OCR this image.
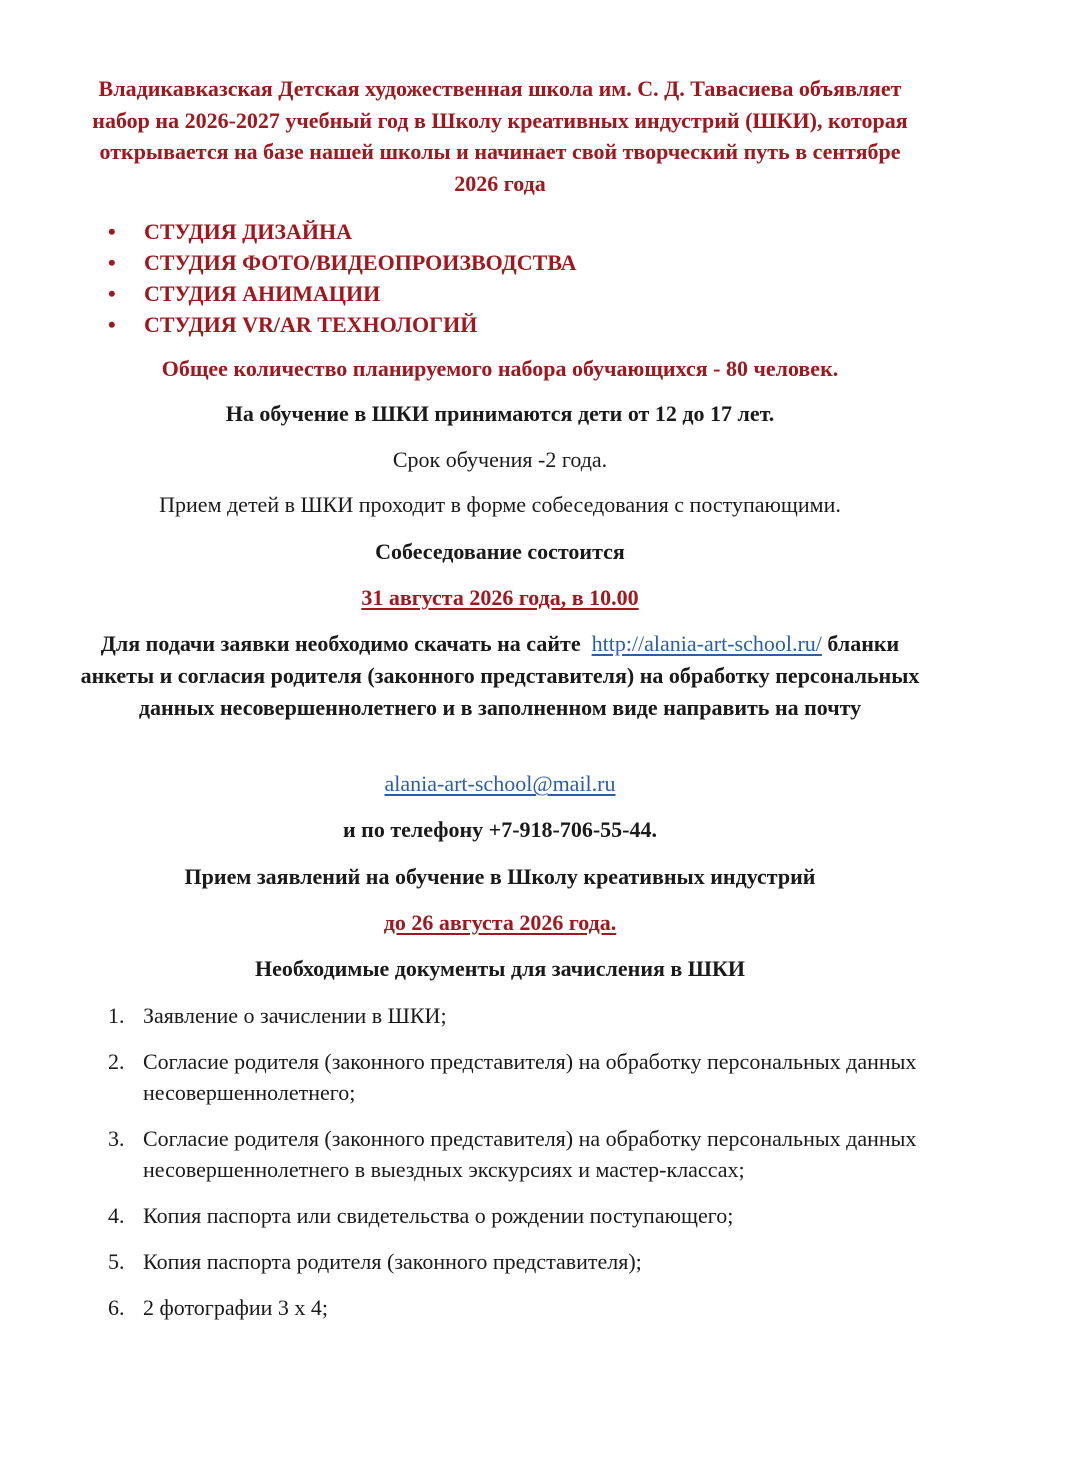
Владикавказская Детская художественная школа им. С. Д. Тавасиева объявляет набор на 2026-2027 учебный год в Школу креативных индустрий (ШКИ), которая открывается на базе нашей школы и начинает свой творческий путь в сентябре 2026 года
• СТУДИЯ ДИЗАЙНА
• СТУДИЯ ФОТО/ВИДЕОПРОИЗВОДСТВА
• СТУДИЯ АНИМАЦИИ
• СТУДИЯ VR/AR ТЕХНОЛОГИЙ
Общее количество планируемого набора обучающихся - 80 человек.
На обучение в ШКИ принимаются дети от 12 до 17 лет.
Срок обучения -2 года.
Прием детей в ШКИ проходит в форме собеседования с поступающими.
Собеседование состоится
31 августа 2026 года, в 10.00
Для подачи заявки необходимо скачать на сайте http://alania-art-school.ru/ бланки анкеты и согласия родителя (законного представителя) на обработку персональных данных несовершеннолетнего и в заполненном виде направить на почту
alania-art-school@mail.ru
и по телефону +7-918-706-55-44.
Прием заявлений на обучение в Школу креативных индустрий
до 26 августа 2026 года.
Необходимые документы для зачисления в ШКИ
1. Заявление о зачислении в ШКИ;
2. Согласие родителя (законного представителя) на обработку персональных данных несовершеннолетнего;
3. Согласие родителя (законного представителя) на обработку персональных данных несовершеннолетнего в выездных экскурсиях и мастер-классах;
4. Копия паспорта или свидетельства о рождении поступающего;
5. Копия паспорта родителя (законного представителя);
6. 2 фотографии 3 х 4;
